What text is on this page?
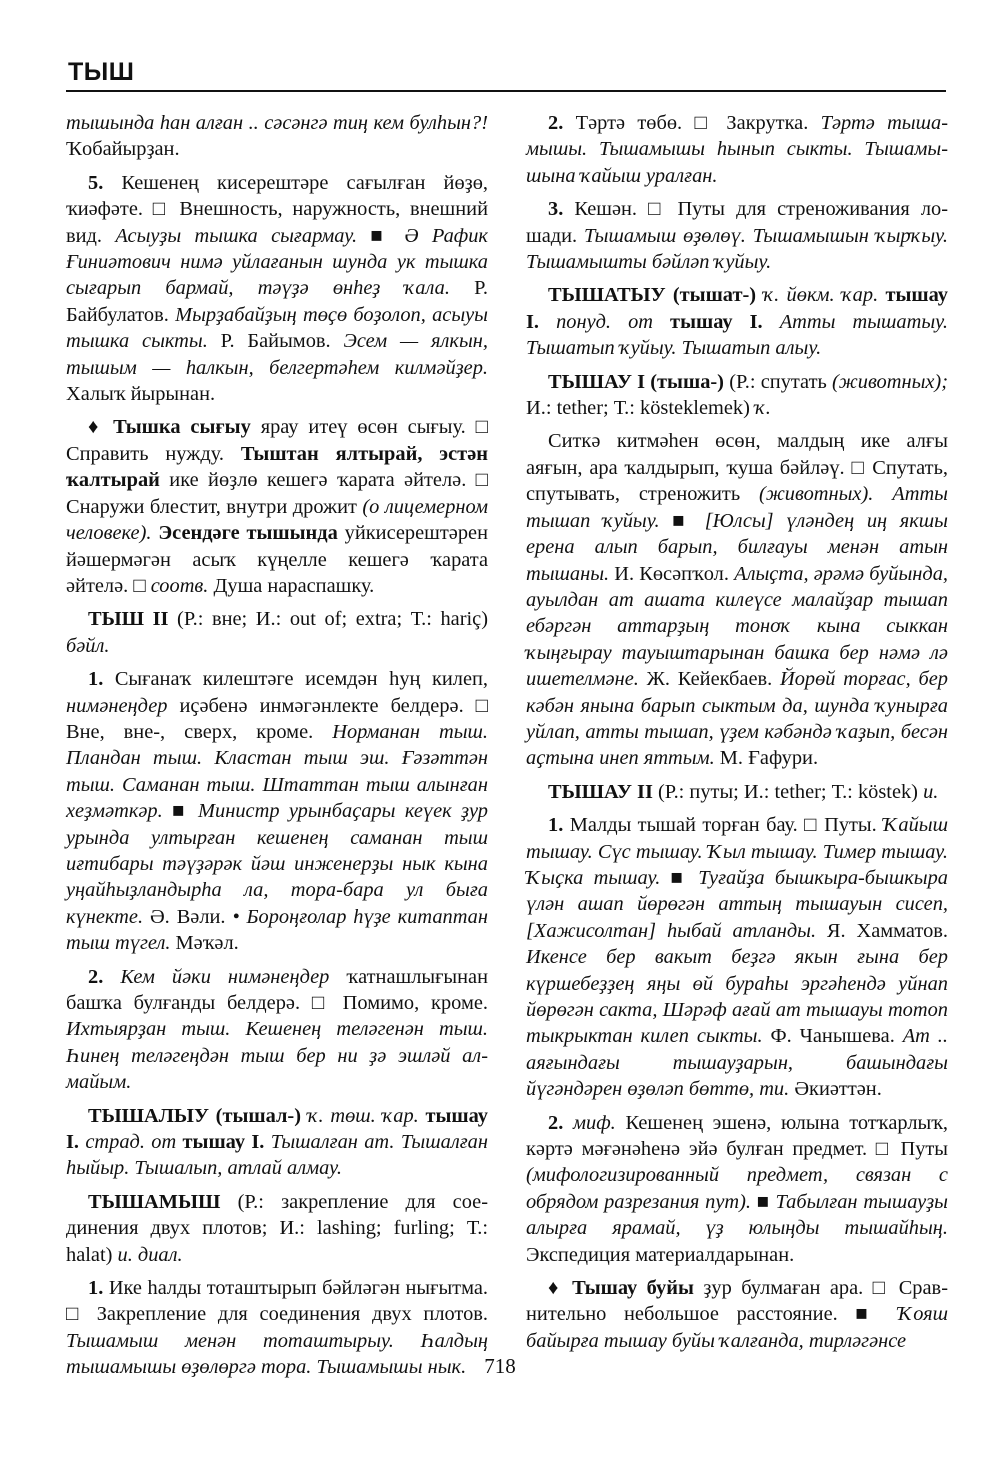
ТЫШ

тышында һан алған .. сәсәнгә тиң кем булһын?! Ҡобайырҙан.

5. Кешенең кисерештәре сағылған йөҙө, ҡиәфәте. □ Внешность, наружность, внешний вид. Асыуҙы тышка сығармау. ■ Ә Рафик Ғиниәтович нимә уйлағанын шунда ук тышка сығарып бармай, тәүҙә өнһеҙ ҡала. Р. Байбулатов. Мырҙабайҙың төҫө боҙолоп, асыуы тышка сыкты. Р. Байымов. Эсем — ялкын, тышым — һалкын, белгертәһем килмәйҙер. Халыҡ йырынан.

♦ Тышка сығыу ярау итеү өсөн сығыу. □ Справить нужду. Тыштан ялтырай, эстән ҡалтырай ике йөҙлө кешегә ҡарата әйтелә. □ Снаружи блестит, внутри дрожит (о лицемерном человеке). Эсендәге тышында уйкисерештәрен йәшермәгән асыҡ күңелле кешегә ҡарата әйтелә. □ соотв. Душа нараспашку.

ТЫШ II (Р.: вне; И.: out of; extra; Т.: hariç) бәйл.

1. Сығанаҡ килештәге исемдән һуң килеп, нимәнеңдер иҫәбенә инмәгәнлекте белдерә. □ Вне, вне-, сверх, кроме. Норманан тыш. Пландан тыш. Кластан тыш эш. Ғәзәттән тыш. Саманан тыш. Штаттан тыш алынған хеҙмәткәр. ■ Министр урынбаҫары кеүек ҙур урында ултырған кешенең саманан тыш иғтибары тәүҙәрәк йәш инженерҙы нык кына уңайһыҙландырһа ла, тора-бара ул быға күнекте. Ә. Вәли. • Бороңғолар һүҙе китаптан тыш түгел. Мәҡәл.

2. Кем йәки нимәнеңдер ҡатнашлығынан башҡа булғанды белдерә. □ Помимо, кроме. Ихтыярҙан тыш. Кешенең теләгенән тыш. Һинең теләгеңдән тыш бер ни ҙә эшләй алмайым.

ТЫШАЛЫУ (тышал-) ҡ. төш. ҡар. тышау I. страд. от тышау I. Тышалған ат. Тышалған һыйыр. Тышалып, атлай алмау.

ТЫШАМЫШ (Р.: закрепление для соединения двух плотов; И.: lashing; furling; Т.: halat) и. диал.

1. Ике һалды тоташтырып бәйләгән нығытма. □ Закрепление для соединения двух плотов. Тышамыш менән тоташтырыу. Һалдың тышамышы өҙөлөргә тора. Тышамышы нык.

2. Тәртә төбө. □ Закрутка. Тәртә тышамышы. Тышамышы һынып сыкты. Тышамышына ҡайыш уралған.

3. Кешән. □ Путы для стреноживания лошади. Тышамыш өҙөлөү. Тышамышын ҡырҡыу. Тышамышты бәйләп ҡуйыу.

ТЫШАТЫУ (тышат-) ҡ. йөкм. ҡар. тышау I. понуд. от тышау I. Атты тышатыу. Тышатып ҡуйыу. Тышатып алыу.

ТЫШАУ I (тыша-) (Р.: спутать (животных); И.: tether; Т.: kösteklemek) ҡ.

Ситкә китмәһен өсөн, малдың ике алғы аяғын, ара ҡалдырып, ҡуша бәйләү. □ Спутать, спутывать, стреножить (животных). Атты тышап ҡуйыу. ■ [Юлсы] үләндең иң якшы ерена алып барып, билғауы менән атын тышаны. И. Көсәпҡол. Алыҫта, әрәмә буйында, ауылдан ат ашата килеүсе малайҙар тышап ебәргән аттарҙың тоноҡ кына сыккан ҡыңғырау тауыштарынан башка бер нәмә лә ишетелмәне. Ж. Кейекбаев. Йорөй торғас, бер кәбән янына барып сыктым да, шунда ҡунырға уйлап, атты тышап, үҙем кәбәндә ҡаҙып, бесән аҫтына инеп яттым. М. Ғафури.

ТЫШАУ II (Р.: путы; И.: tether; Т.: köstek) и.

1. Малды тышай торған бау. □ Путы. Ҡайыш тышау. Сүс тышау. Ҡыл тышау. Тимер тышау. Ҡыҫка тышау. ■ Туғайҙа бышкыра-бышкыра үлән ашап йөрөгән аттың тышауын сисеп, [Хажисолтан] һыбай атланды. Я. Хамматов. Икенсе бер вакыт беҙгә якын ғына бер күршебеҙҙең яңы өй бураһы эргәһендә уйнап йөрөгән сакта, Шәрәф ағай ат тышауы тотоп тыкрыктан килеп сыкты. Ф. Чанышева. Ат .. аяғындағы тышауҙарын, башындағы йүгәндәрен өҙөләп бөттө, ти. Әкиәттән.

2. миф. Кешенең эшенә, юлына тотҡарлыҡ, кәртә мәғәнәһенә эйә булған предмет. □ Путы (мифологизированный предмет, связан с обрядом разрезания пут). ■ Табылған тышауҙы алырға ярамай, үҙ юлыңды тышайһың. Экспедиция материалдарынан.

♦ Тышау буйы ҙур булмаған ара. □ Сравнительно небольшое расстояние. ■ Ҡояш байырға тышау буйы ҡалғанда, тирләгәнсе

718
